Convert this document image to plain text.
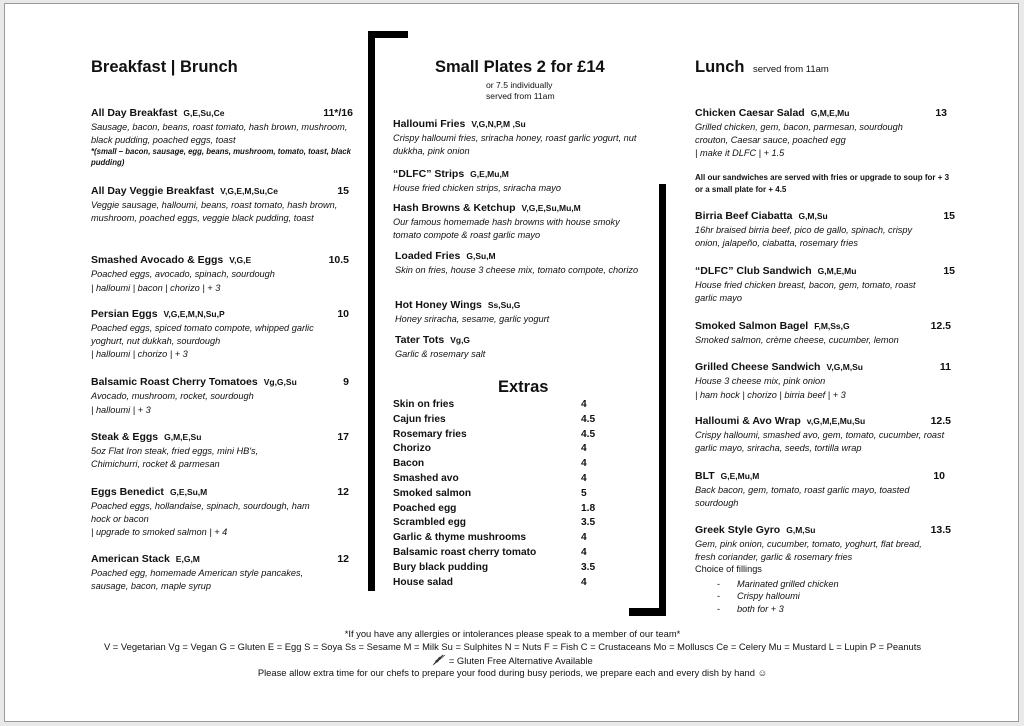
Breakfast | Brunch
All Day Breakfast G,E,Su,Ce	11*/16
Sausage, bacon, beans, roast tomato, hash brown, mushroom, black pudding, poached eggs, toast
*(small – bacon, sausage, egg, beans, mushroom, tomato, toast, black pudding)
All Day Veggie Breakfast V,G,E,M,Su,Ce	15
Veggie sausage, halloumi, beans, roast tomato, hash brown, mushroom, poached eggs, veggie black pudding, toast
Smashed Avocado & Eggs V,G,E	10.5
Poached eggs, avocado, spinach, sourdough
| halloumi | bacon | chorizo | + 3
Persian Eggs V,G,E,M,N,Su,P	10
Poached eggs, spiced tomato compote, whipped garlic yoghurt, nut dukkah, sourdough
| halloumi | chorizo | + 3
Balsamic Roast Cherry Tomatoes Vg,G,Su	9
Avocado, mushroom, rocket, sourdough
| halloumi | + 3
Steak & Eggs G,M,E,Su	17
5oz Flat Iron steak, fried eggs, mini HB's, Chimichurri, rocket & parmesan
Eggs Benedict G,E,Su,M	12
Poached eggs, hollandaise, spinach, sourdough, ham hock or bacon
| upgrade to smoked salmon | + 4
American Stack E,G,M	12
Poached egg, homemade American style pancakes, sausage, bacon, maple syrup
Small Plates 2 for £14
or 7.5 individually
served from 11am
Halloumi Fries V,G,N,P,M ,Su
Crispy halloumi fries, sriracha honey, roast garlic yogurt, nut dukkha, pink onion
“DLFC” Strips G,E,Mu,M
House fried chicken strips, sriracha mayo
Hash Browns & Ketchup V,G,E,Su,Mu,M
Our famous homemade hash browns with house smoky tomato compote & roast garlic mayo
Loaded Fries G,Su,M
Skin on fries, house 3 cheese mix, tomato compote, chorizo
Hot Honey Wings Ss,Su,G
Honey sriracha, sesame, garlic yogurt
Tater Tots Vg,G
Garlic & rosemary salt
Extras
Skin on fries	4
Cajun fries	4.5
Rosemary fries	4.5
Chorizo	4
Bacon	4
Smashed avo	4
Smoked salmon	5
Poached egg	1.8
Scrambled egg	3.5
Garlic & thyme mushrooms	4
Balsamic roast cherry tomato	4
Bury black pudding	3.5
House salad	4
Lunch served from 11am
Chicken Caesar Salad G,M,E,Mu	13
Grilled chicken, gem, bacon, parmesan, sourdough crouton, Caesar sauce, poached egg
| make it DLFC | + 1.5
All our sandwiches are served with fries or upgrade to soup for + 3 or a small plate for + 4.5
Birria Beef Ciabatta G,M,Su	15
16hr braised birria beef, pico de gallo, spinach, crispy onion, jalapeño, ciabatta, rosemary fries
“DLFC” Club Sandwich G,M,E,Mu	15
House fried chicken breast, bacon, gem, tomato, roast garlic mayo
Smoked Salmon Bagel F,M,Ss,G	12.5
Smoked salmon, crème cheese, cucumber, lemon
Grilled Cheese Sandwich V,G,M,Su	11
House 3 cheese mix, pink onion
| ham hock | chorizo | birria beef | + 3
Halloumi & Avo Wrap v,G,M,E,Mu,Su	12.5
Crispy halloumi, smashed avo, gem, tomato, cucumber, roast garlic mayo, sriracha, seeds, tortilla wrap
BLT G,E,Mu,M	10
Back bacon, gem, tomato, roast garlic mayo, toasted sourdough
Greek Style Gyro G,M,Su	13.5
Gem, pink onion, cucumber, tomato, yoghurt, flat bread, fresh coriander, garlic & rosemary fries
Choice of fillings
- Marinated grilled chicken
- Crispy halloumi
- both for + 3
*If you have any allergies or intolerances please speak to a member of our team*
V = Vegetarian Vg = Vegan G = Gluten E = Egg S = Soya Ss = Sesame M = Milk Su = Sulphites N = Nuts F = Fish C = Crustaceans Mo = Molluscs Ce = Celery Mu = Mustard L = Lupin P = Peanuts
= Gluten Free Alternative Available
Please allow extra time for our chefs to prepare your food during busy periods, we prepare each and every dish by hand ☺
